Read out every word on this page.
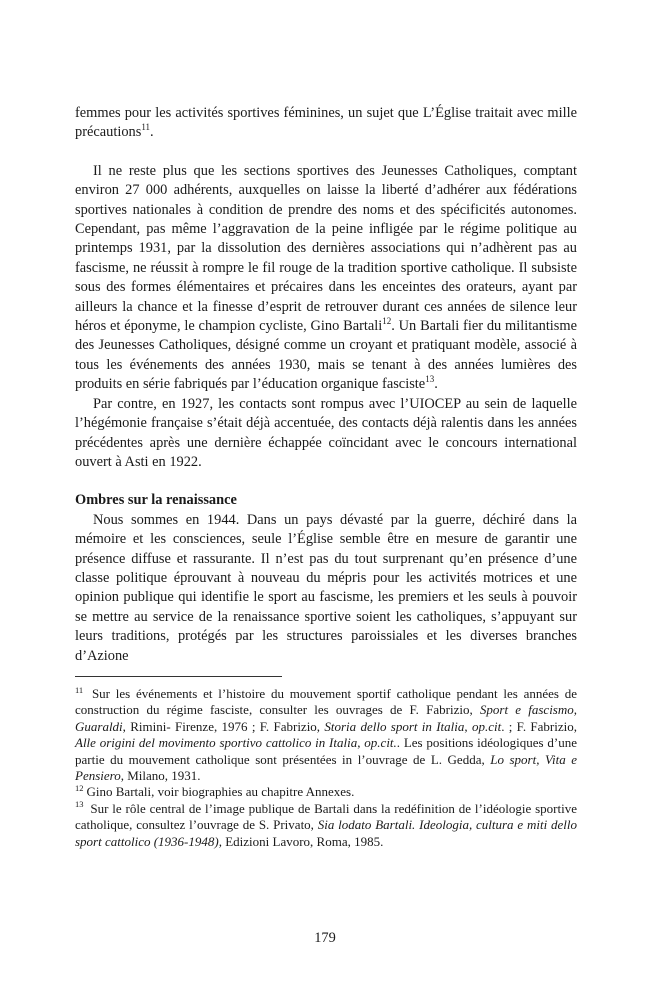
femmes pour les activités sportives féminines, un sujet que L’Église traitait avec mille précautions$^{11}$.

Il ne reste plus que les sections sportives des Jeunesses Catholiques, comptant environ 27 000 adhérents, auxquelles on laisse la liberté d’adhérer aux fédérations sportives nationales à condition de prendre des noms et des spécificités autonomes. Cependant, pas même l’aggravation de la peine infligée par le régime politique au printemps 1931, par la dissolution des dernières associations qui n’adhèrent pas au fascisme, ne réussit à rompre le fil rouge de la tradition sportive catholique. Il subsiste sous des formes élémentaires et précaires dans les enceintes des orateurs, ayant par ailleurs la chance et la finesse d’esprit de retrouver durant ces années de silence leur héros et éponyme, le champion cycliste, Gino Bartali$^{12}$. Un Bartali fier du militantisme des Jeunesses Catholiques, désigné comme un croyant et pratiquant modèle, associé à tous les événements des années 1930, mais se tenant à des années lumières des produits en série fabriqués par l’éducation organique fasciste$^{13}$.

Par contre, en 1927, les contacts sont rompus avec l’UIOCEP au sein de laquelle l’hégémonie française s’était déjà accentuée, des contacts déjà ralentis dans les années précédentes après une dernière échappée coïncidant avec le concours international ouvert à Asti en 1922.

Ombres sur la renaissance

Nous sommes en 1944. Dans un pays dévasté par la guerre, déchiré dans la mémoire et les consciences, seule l’Église semble être en mesure de garantir une présence diffuse et rassurante. Il n’est pas du tout surprenant qu’en présence d’une classe politique éprouvant à nouveau du mépris pour les activités motrices et une opinion publique qui identifie le sport au fascisme, les premiers et les seuls à pouvoir se mettre au service de la renaissance sportive soient les catholiques, s’appuyant sur leurs traditions, protégés par les structures paroissiales et les diverses branches d’Azione

$^{11}$ Sur les événements et l’histoire du mouvement sportif catholique pendant les années de construction du régime fasciste, consulter les ouvrages de F. Fabrizio, Sport e fascismo, Guaraldi, Rimini- Firenze, 1976 ; F. Fabrizio, Storia dello sport in Italia, op.cit. ; F. Fabrizio, Alle origini del movimento sportivo cattolico in Italia, op.cit.. Les positions idéologiques d’une partie du mouvement catholique sont présentées in l’ouvrage de L. Gedda, Lo sport, Vita e Pensiero, Milano, 1931.

$^{12}$ Gino Bartali, voir biographies au chapitre Annexes.

$^{13}$ Sur le rôle central de l’image publique de Bartali dans la redéfinition de l’idéologie sportive catholique, consultez l’ouvrage de S. Privato, Sia lodato Bartali. Ideologia, cultura e miti dello sport cattolico (1936-1948), Edizioni Lavoro, Roma, 1985.

179
